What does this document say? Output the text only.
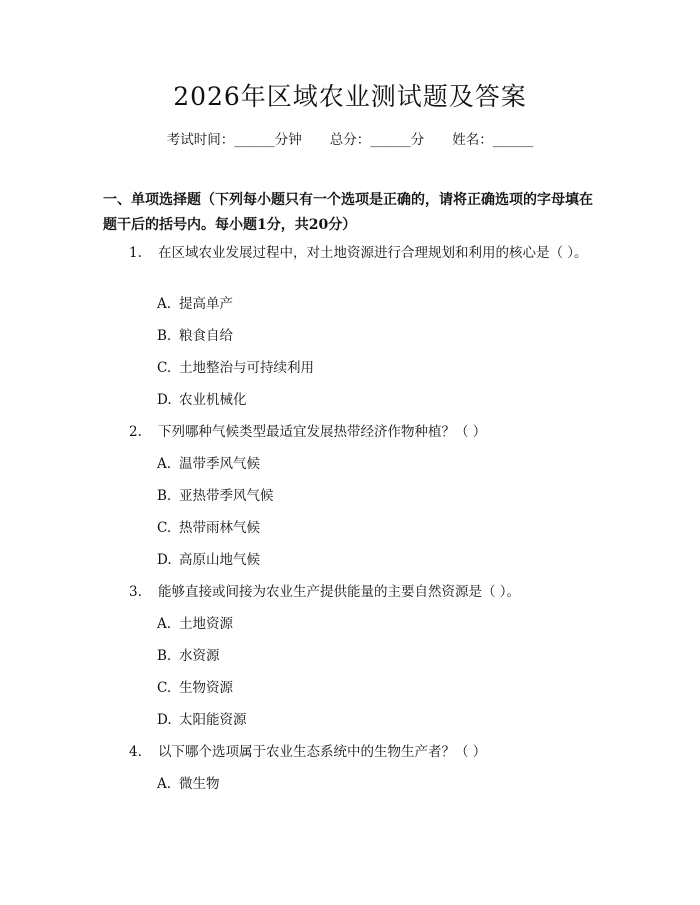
2026年区域农业测试题及答案
考试时间：______分钟 总分：______分 姓名：______
一、单项选择题（下列每小题只有一个选项是正确的，请将正确选项的字母填在题干后的括号内。每小题1分，共20分）
1. 在区域农业发展过程中，对土地资源进行合理规划和利用的核心是（ ）。
A. 提高单产
B. 粮食自给
C. 土地整治与可持续利用
D. 农业机械化
2. 下列哪种气候类型最适宜发展热带经济作物种植？（ ）
A. 温带季风气候
B. 亚热带季风气候
C. 热带雨林气候
D. 高原山地气候
3. 能够直接或间接为农业生产提供能量的主要自然资源是（ ）。
A. 土地资源
B. 水资源
C. 生物资源
D. 太阳能资源
4. 以下哪个选项属于农业生态系统中的生物生产者？（ ）
A. 微生物
